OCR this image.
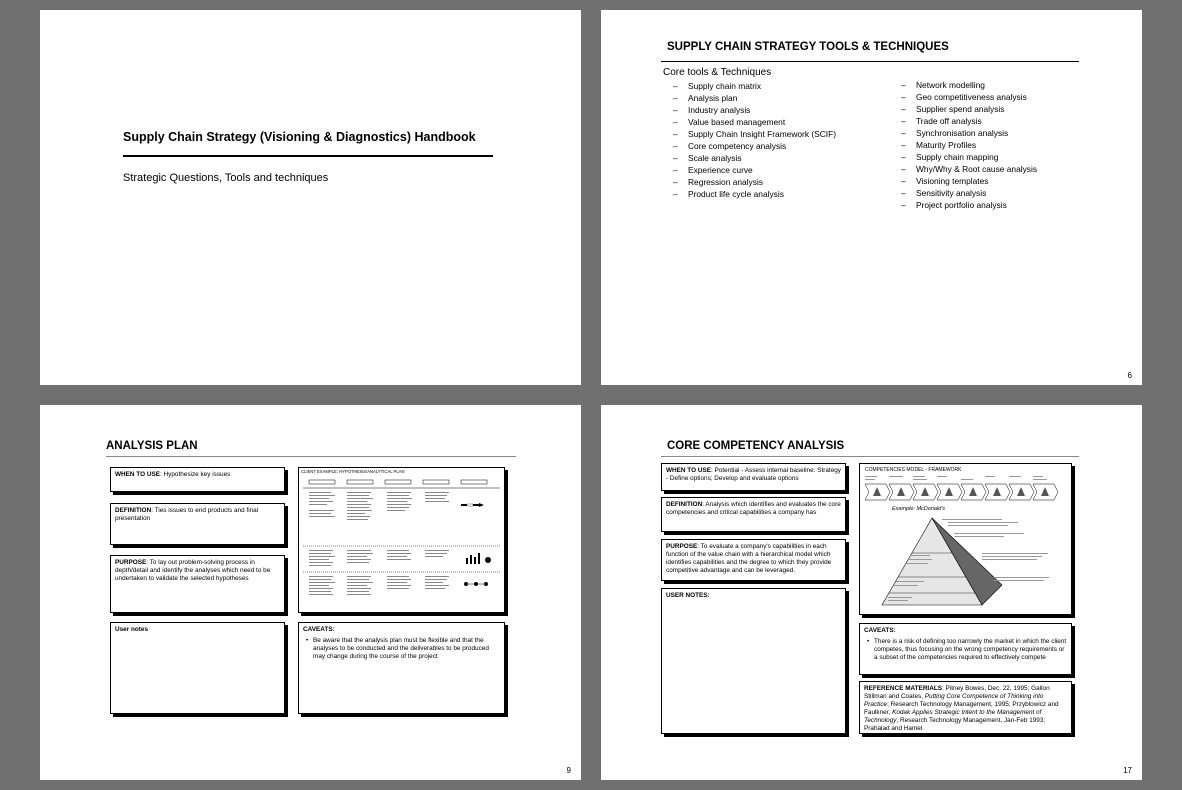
Supply Chain Strategy (Visioning & Diagnostics) Handbook
Strategic Questions, Tools and techniques
SUPPLY CHAIN STRATEGY TOOLS & TECHNIQUES
Core tools & Techniques
– Supply chain matrix
– Analysis plan
– Industry analysis
– Value based management
– Supply Chain Insight Framework (SCIF)
– Core competency analysis
– Scale analysis
– Experience curve
– Regression analysis
– Product life cycle analysis
– Network modelling
– Geo competitiveness analysis
– Supplier spend analysis
– Trade off analysis
– Synchronisation analysis
– Maturity Profiles
– Supply chain mapping
– Why/Why & Root cause analysis
– Visioning templates
– Sensitivity analysis
– Project portfolio analysis
6
ANALYSIS PLAN
WHEN TO USE: Hypothesize key issues
DEFINITION: Ties issues to end products and final presentation
PURPOSE: To lay out problem-solving process in depth/detail and identify the analyses which need to be undertaken to validate the selected hypotheses
User notes
CLIENT EXAMPLE: HYPOTHESIS/ANALYTICAL PLAN
CAVEATS:
• Be aware that the analysis plan must be flexible and that the analyses to be conducted and the deliverables to be produced may change during the course of the project
9
CORE COMPETENCY ANALYSIS
WHEN TO USE: Potential - Assess internal baseline: Strategy - Define options; Develop and evaluate options
DEFINITION: Analysis which identifies and evaluates the core competencies and critical capabilities a company has
PURPOSE: To evaluate a company's capabilities in each function of the value chain with a hierarchical model which identifies capabilities and the degree to which they provide competitive advantage and can be leveraged.
USER NOTES:
COMPETENCIES MODEL - FRAMEWORK
Example: McDonald's
CAVEATS:
• There is a risk of defining too narrowly the market in which the client competes, thus focusing on the wrong competency requirements or a subset of the competencies required to effectively compete
REFERENCE MATERIALS: Pitney Bowes, Dec. 22, 1995; Gallon Stillman and Coates, Putting Core Competence of Thinking into Practice; Research Technology Management, 1995; Przyblowicz and Faulkner, Kodak Applies Strategic Intent to the Management of Technology, Research Technology Management, Jan-Feb 1993; Prahalad and Hamel.
17
